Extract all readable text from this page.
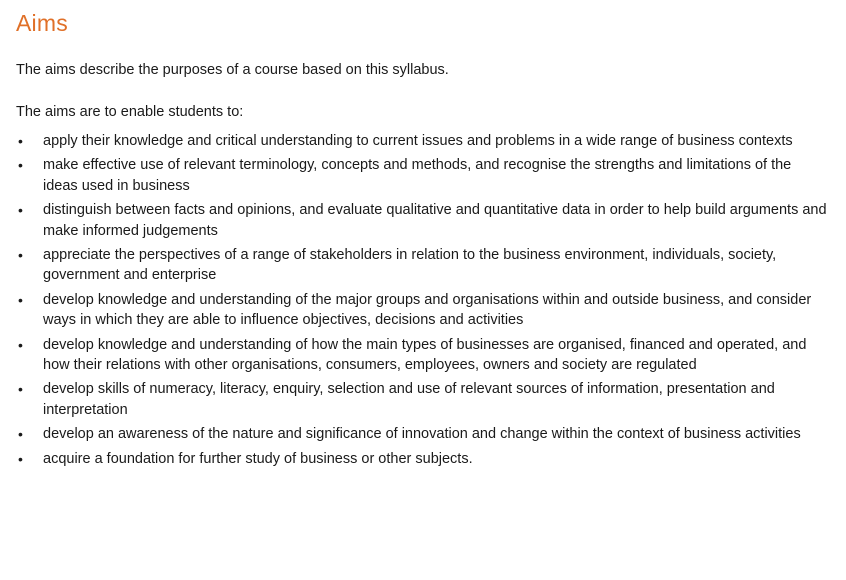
Aims

The aims describe the purposes of a course based on this syllabus.

The aims are to enable students to:

• apply their knowledge and critical understanding to current issues and problems in a wide range of business contexts
• make effective use of relevant terminology, concepts and methods, and recognise the strengths and limitations of the ideas used in business
• distinguish between facts and opinions, and evaluate qualitative and quantitative data in order to help build arguments and make informed judgements
• appreciate the perspectives of a range of stakeholders in relation to the business environment, individuals, society, government and enterprise
• develop knowledge and understanding of the major groups and organisations within and outside business, and consider ways in which they are able to influence objectives, decisions and activities
• develop knowledge and understanding of how the main types of businesses are organised, financed and operated, and how their relations with other organisations, consumers, employees, owners and society are regulated
• develop skills of numeracy, literacy, enquiry, selection and use of relevant sources of information, presentation and interpretation
• develop an awareness of the nature and significance of innovation and change within the context of business activities
• acquire a foundation for further study of business or other subjects.
